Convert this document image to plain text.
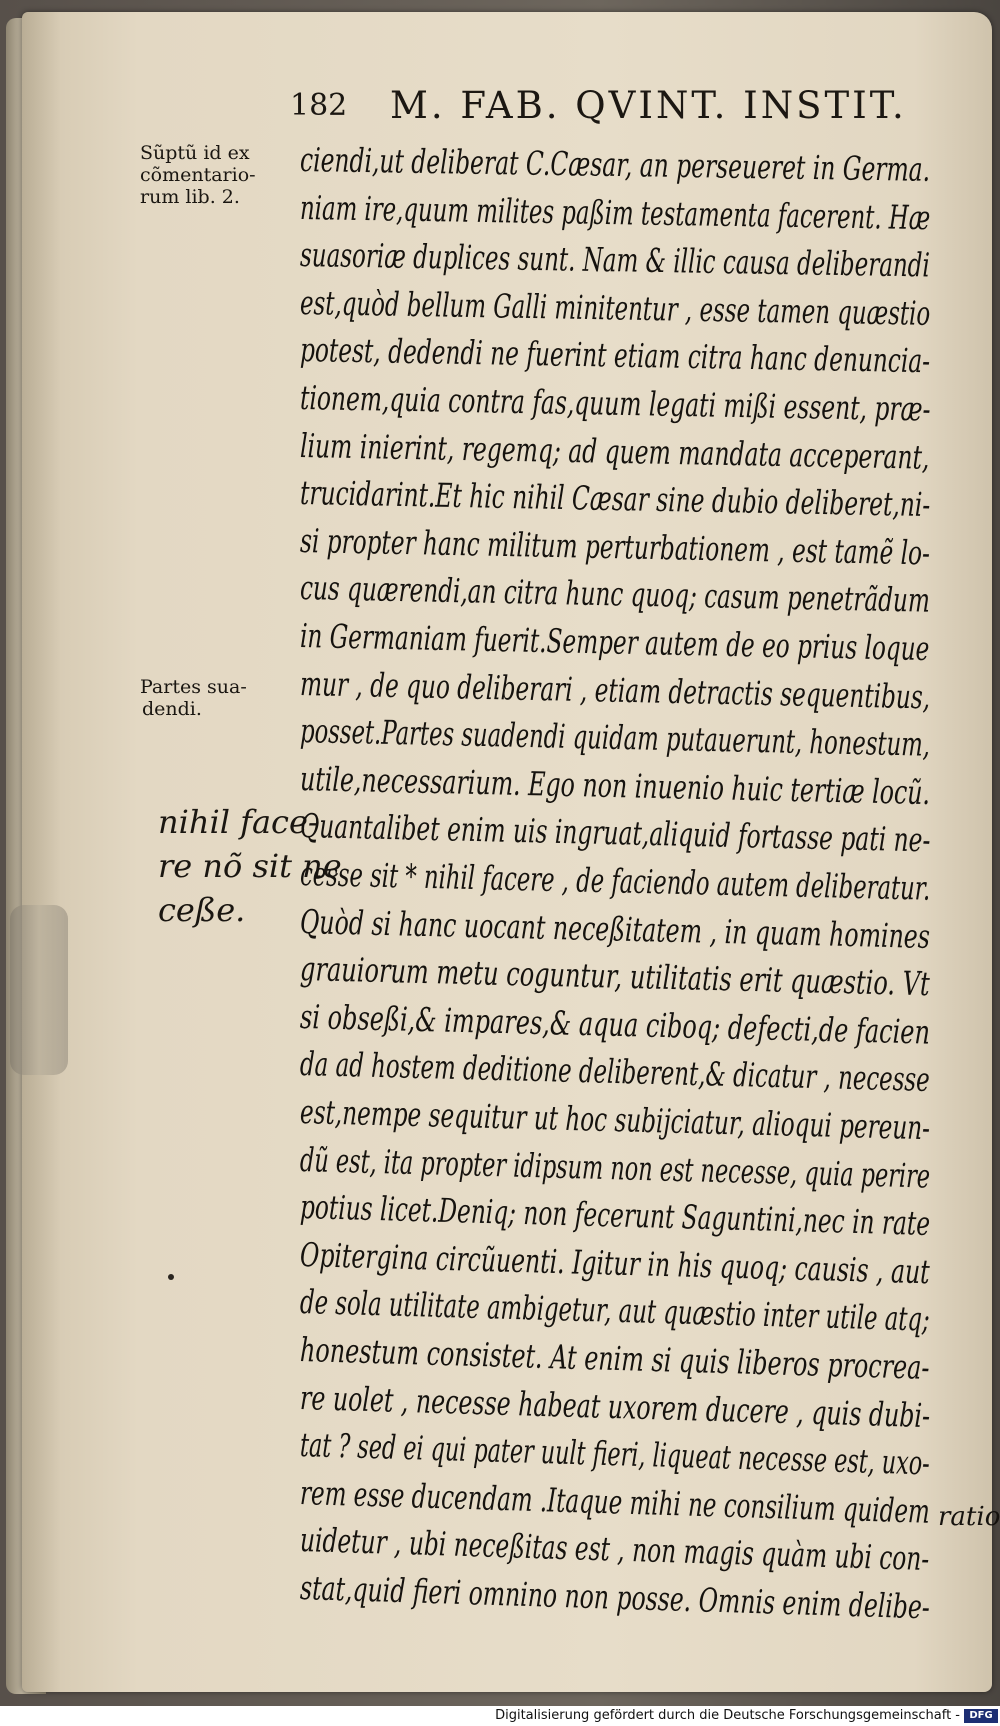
182 M. FAB. QVINT. INSTIT.
Sũptũ id ex
cõmentario-
rum lib. 2.
Partes sua-
dendi.
nihil face-
re nõ sit ne
ceße.
ciendi,ut deliberat C.Cæsar, an perseueret in Germa.
niam ire,quum milites paßim testamenta facerent. Hæ
suasoriæ duplices sunt. Nam & illic causa deliberandi
est,quòd bellum Galli minitentur , esse tamen quæstio
potest, dedendi ne fuerint etiam citra hanc denuncia-
tionem,quia contra fas,quum legati mißi essent, præ-
lium inierint, regemq; ad quem mandata acceperant,
trucidarint.Et hic nihil Cæsar sine dubio deliberet,ni-
si propter hanc militum perturbationem , est tamẽ lo-
cus quærendi,an citra hunc quoq; casum penetrãdum
in Germaniam fuerit.Semper autem de eo prius loque
mur , de quo deliberari , etiam detractis sequentibus,
posset.Partes suadendi quidam putauerunt, honestum,
utile,necessarium. Ego non inuenio huic tertiæ locũ.
Quantalibet enim uis ingruat,aliquid fortasse pati ne-
cesse sit * nihil facere , de faciendo autem deliberatur.
Quòd si hanc uocant neceßitatem , in quam homines
grauiorum metu coguntur, utilitatis erit quæstio. Vt
si obseßi,& impares,& aqua ciboq; defecti,de facien
da ad hostem deditione deliberent,& dicatur , necesse
est,nempe sequitur ut hoc subijciatur, alioqui pereun-
dũ est, ita propter idipsum non est necesse, quia perire
potius licet.Deniq; non fecerunt Saguntini,nec in rate
Opitergina circũuenti. Igitur in his quoq; causis , aut
de sola utilitate ambigetur, aut quæstio inter utile atq;
honestum consistet. At enim si quis liberos procrea-
re uolet , necesse habeat uxorem ducere , quis dubi-
tat ? sed ei qui pater uult fieri, liqueat necesse est, uxo-
rem esse ducendam .Itaque mihi ne consilium quidem
uidetur , ubi neceßitas est , non magis quàm ubi con-
stat,quid fieri omnino non posse. Omnis enim delibe-
ratio
Digitalisierung gefördert durch die Deutsche Forschungsgemeinschaft - DFG
